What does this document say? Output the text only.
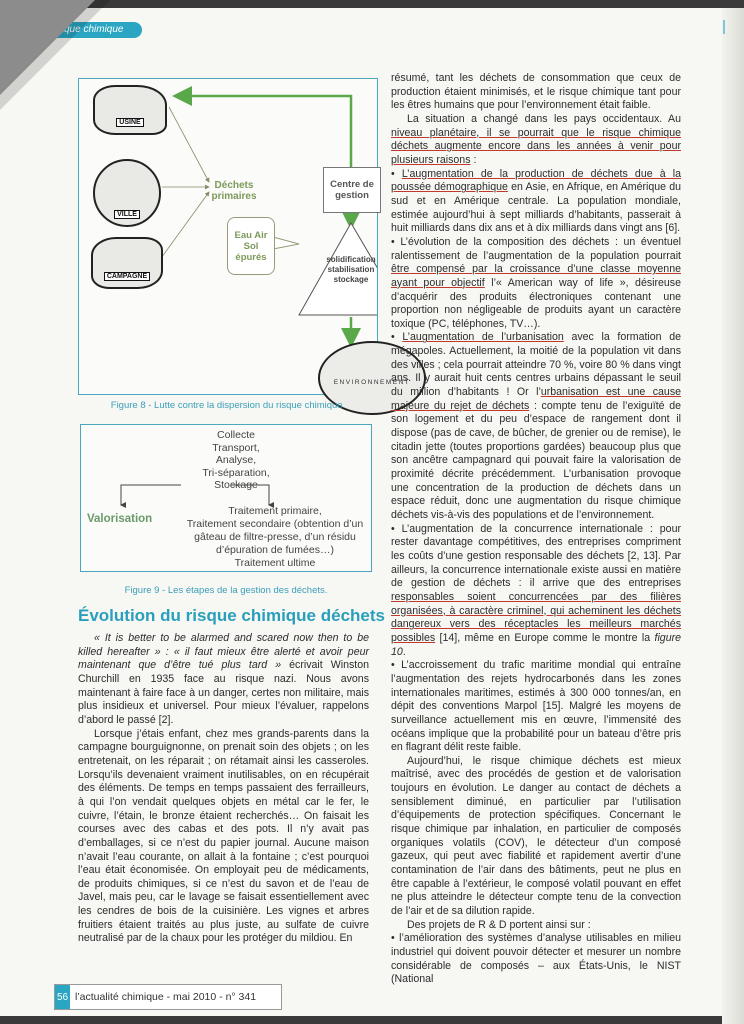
que chimique
USINE
VILLE
CAMPAGNE
Déchets primaires
Centre de gestion
Eau Air Sol épurés	solidification stabilisation stockage
ENVIRONNEMENT
Figure 8 - Lutte contre la dispersion du risque chimique.
Collecte
Transport,
Analyse,
Tri-séparation,
Stockage
Valorisation
Traitement primaire,
Traitement secondaire (obtention d’un gâteau de filtre-presse, d’un résidu d’épuration de fumées…)
Traitement ultime
Figure 9 - Les étapes de la gestion des déchets.
Évolution du risque chimique déchets

« It is better to be alarmed and scared now then to be killed hereafter » : « il faut mieux être alerté et avoir peur maintenant que d’être tué plus tard » écrivait Winston Churchill en 1935 face au risque nazi. Nous avons maintenant à faire face à un danger, certes non militaire, mais plus insidieux et universel. Pour mieux l’évaluer, rappelons d’abord le passé [2].

Lorsque j’étais enfant, chez mes grands-parents dans la campagne bourguignonne, on prenait soin des objets ; on les entretenait, on les réparait ; on rétamait ainsi les casseroles. Lorsqu’ils devenaient vraiment inutilisables, on en récupérait des éléments. De temps en temps passaient des ferrailleurs, à qui l’on vendait quelques objets en métal car le fer, le cuivre, l’étain, le bronze étaient recherchés… On faisait les courses avec des cabas et des pots. Il n’y avait pas d’emballages, si ce n’est du papier journal. Aucune maison n’avait l’eau courante, on allait à la fontaine ; c’est pourquoi l’eau était économisée. On employait peu de médicaments, de produits chimiques, si ce n’est du savon et de l’eau de Javel, mais peu, car le lavage se faisait essentiellement avec les cendres de bois de la cuisinière. Les vignes et arbres fruitiers étaient traités au plus juste, au sulfate de cuivre neutralisé par de la chaux pour les protéger du mildiou. En

résumé, tant les déchets de consommation que ceux de production étaient minimisés, et le risque chimique tant pour les êtres humains que pour l’environnement était faible.

La situation a changé dans les pays occidentaux. Au niveau planétaire, il se pourrait que le risque chimique déchets augmente encore dans les années à venir pour plusieurs raisons :

• L’augmentation de la production de déchets due à la poussée démographique en Asie, en Afrique, en Amérique du sud et en Amérique centrale. La population mondiale, estimée aujourd’hui à sept milliards d’habitants, passerait à huit milliards dans dix ans et à dix milliards dans vingt ans [6].

• L’évolution de la composition des déchets : un éventuel ralentissement de l’augmentation de la population pourrait être compensé par la croissance d’une classe moyenne ayant pour objectif l’« American way of life », désireuse d’acquérir des produits électroniques contenant une proportion non négligeable de produits ayant un caractère toxique (PC, téléphones, TV…).

• L’augmentation de l’urbanisation avec la formation de mégapoles. Actuellement, la moitié de la population vit dans des villes ; cela pourrait atteindre 70 %, voire 80 % dans vingt ans. Il y aurait huit cents centres urbains dépassant le seuil du million d’habitants ! Or l’urbanisation est une cause majeure du rejet de déchets : compte tenu de l’exiguïté de son logement et du peu d’espace de rangement dont il dispose (pas de cave, de bûcher, de grenier ou de remise), le citadin jette (toutes proportions gardées) beaucoup plus que son ancêtre campagnard qui pouvait faire la valorisation de proximité décrite précédemment. L’urbanisation provoque une concentration de la production de déchets dans un espace réduit, donc une augmentation du risque chimique déchets vis-à-vis des populations et de l’environnement.

• L’augmentation de la concurrence internationale : pour rester davantage compétitives, des entreprises compriment les coûts d’une gestion responsable des déchets [2, 13]. Par ailleurs, la concurrence internationale existe aussi en matière de gestion de déchets : il arrive que des entreprises responsables soient concurrencées par des filières organisées, à caractère criminel, qui acheminent les déchets dangereux vers des réceptacles les meilleurs marchés possibles [14], même en Europe comme le montre la figure 10.

• L’accroissement du trafic maritime mondial qui entraîne l’augmentation des rejets hydrocarbonés dans les zones internationales maritimes, estimés à 300 000 tonnes/an, en dépit des conventions Marpol [15]. Malgré les moyens de surveillance actuellement mis en œuvre, l’immensité des océans implique que la probabilité pour un bateau d’être pris en flagrant délit reste faible.

Aujourd’hui, le risque chimique déchets est mieux maîtrisé, avec des procédés de gestion et de valorisation toujours en évolution. Le danger au contact de déchets a sensiblement diminué, en particulier par l’utilisation d’équipements de protection spécifiques. Concernant le risque chimique par inhalation, en particulier de composés organiques volatils (COV), le détecteur d’un composé gazeux, qui peut avec fiabilité et rapidement avertir d’une contamination de l’air dans des bâtiments, peut ne plus en être capable à l’extérieur, le composé volatil pouvant en effet ne plus atteindre le détecteur compte tenu de la convection de l’air et de sa dilution rapide.

Des projets de R & D portent ainsi sur :

• l’amélioration des systèmes d’analyse utilisables en milieu industriel qui doivent pouvoir détecter et mesurer un nombre considérable de composés – aux États-Unis, le NIST (National

56 l’actualité chimique - mai 2010 - n° 341
